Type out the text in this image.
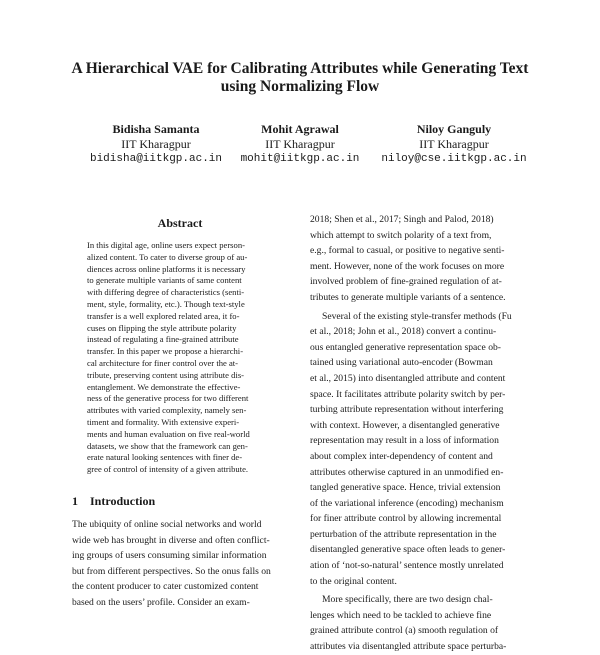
A Hierarchical VAE for Calibrating Attributes while Generating Text
using Normalizing Flow
Bidisha Samanta
IIT Kharagpur
bidisha@iitkgp.ac.in
Mohit Agrawal
IIT Kharagpur
mohit@iitkgp.ac.in
Niloy Ganguly
IIT Kharagpur
niloy@cse.iitkgp.ac.in
Abstract
In this digital age, online users expect person-
alized content. To cater to diverse group of au-
diences across online platforms it is necessary
to generate multiple variants of same content
with differing degree of characteristics (senti-
ment, style, formality, etc.). Though text-style
transfer is a well explored related area, it fo-
cuses on flipping the style attribute polarity
instead of regulating a fine-grained attribute
transfer. In this paper we propose a hierarchi-
cal architecture for finer control over the at-
tribute, preserving content using attribute dis-
entanglement. We demonstrate the effective-
ness of the generative process for two different
attributes with varied complexity, namely sen-
timent and formality. With extensive experi-
ments and human evaluation on five real-world
datasets, we show that the framework can gen-
erate natural looking sentences with finer de-
gree of control of intensity of a given attribute.
1 Introduction
The ubiquity of online social networks and world
wide web has brought in diverse and often conflict-
ing groups of users consuming similar information
but from different perspectives. So the onus falls on
the content producer to cater customized content
based on the users’ profile. Consider an exam-
2018; Shen et al., 2017; Singh and Palod, 2018)
which attempt to switch polarity of a text from,
e.g., formal to casual, or positive to negative senti-
ment. However, none of the work focuses on more
involved problem of fine-grained regulation of at-
tributes to generate multiple variants of a sentence.
Several of the existing style-transfer methods (Fu
et al., 2018; John et al., 2018) convert a continu-
ous entangled generative representation space ob-
tained using variational auto-encoder (Bowman
et al., 2015) into disentangled attribute and content
space. It facilitates attribute polarity switch by per-
turbing attribute representation without interfering
with context. However, a disentangled generative
representation may result in a loss of information
about complex inter-dependency of content and
attributes otherwise captured in an unmodified en-
tangled generative space. Hence, trivial extension
of the variational inference (encoding) mechanism
for finer attribute control by allowing incremental
perturbation of the attribute representation in the
disentangled generative space often leads to gener-
ation of ‘not-so-natural’ sentence mostly unrelated
to the original content.
More specifically, there are two design chal-
lenges which need to be tackled to achieve fine
grained attribute control (a) smooth regulation of
attributes via disentangled attribute space perturba-
